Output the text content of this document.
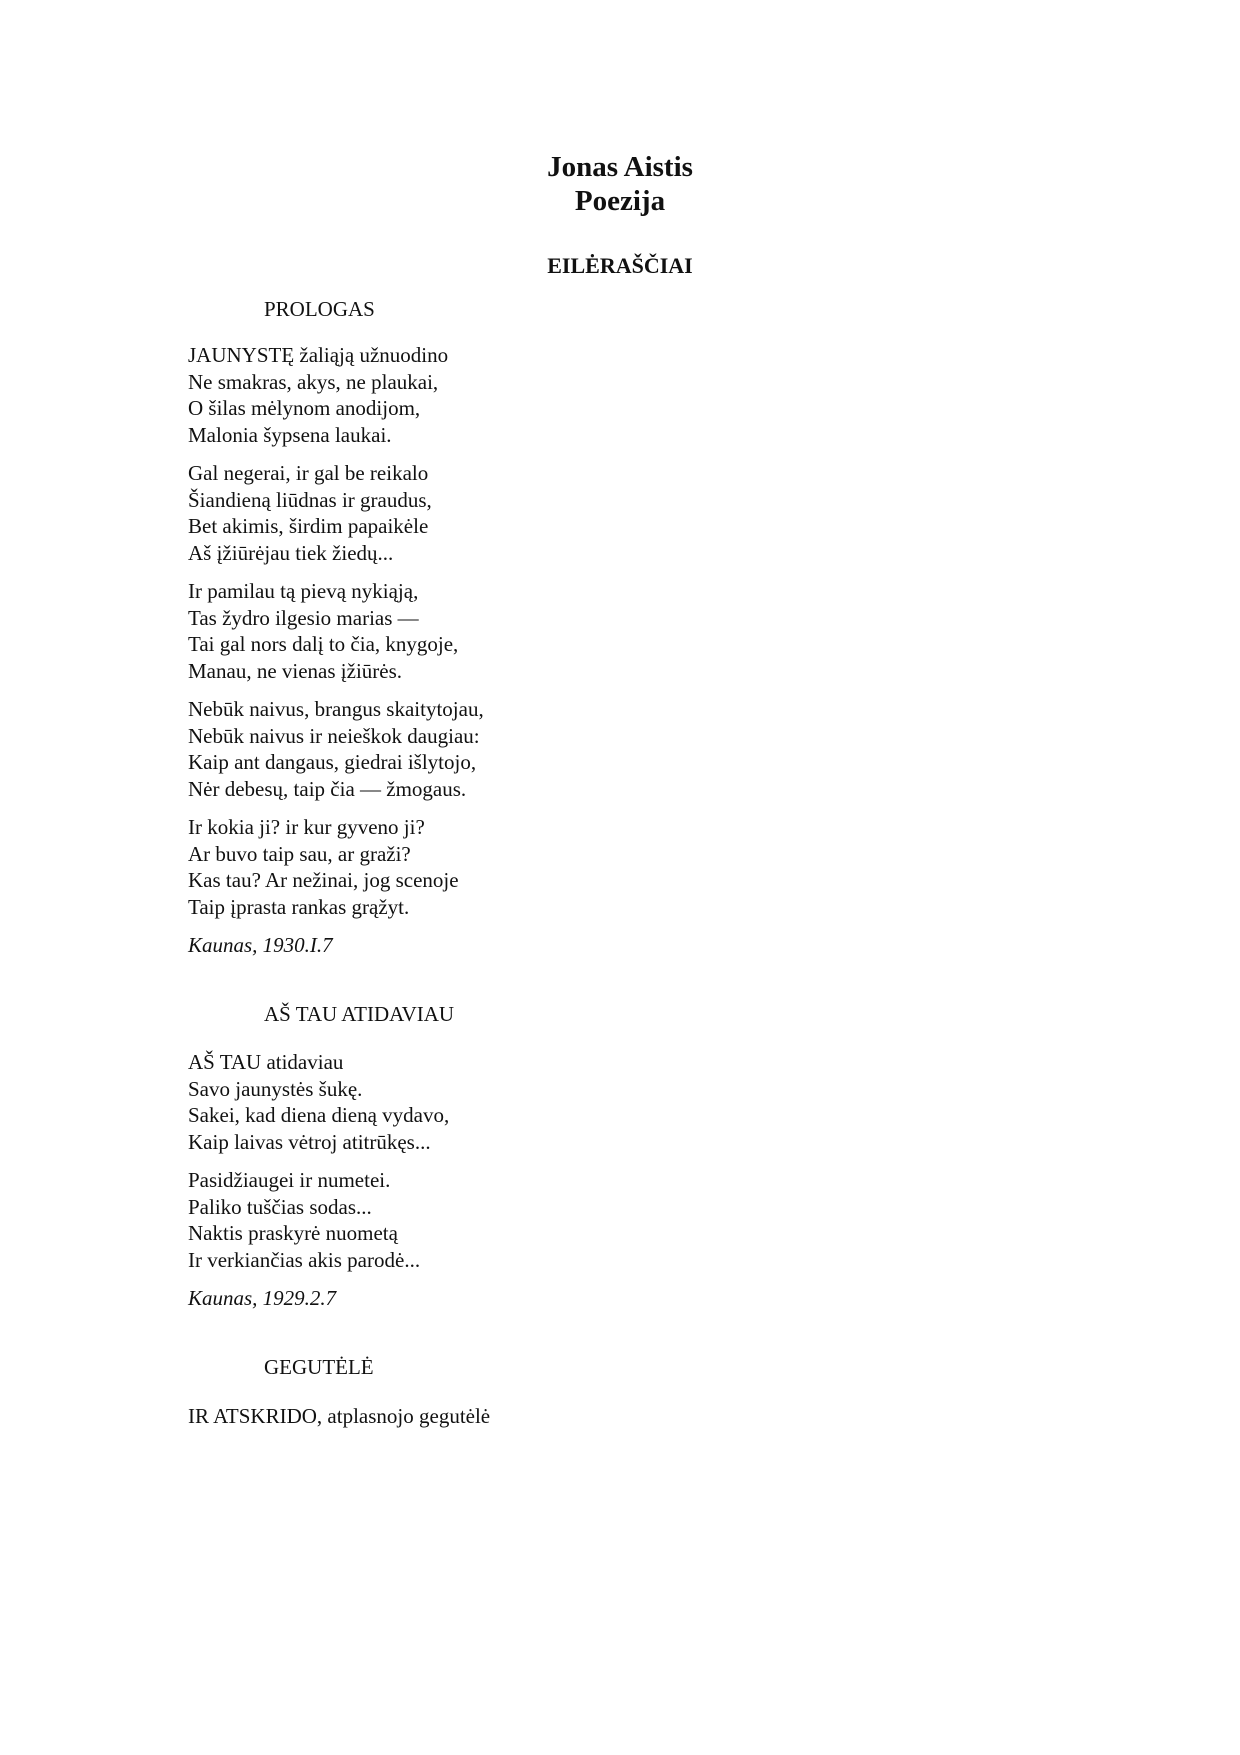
Jonas Aistis
Poezija
EILĖRAŠČIAI
PROLOGAS

JAUNYSTĘ žaliąją užnuodino
Ne smakras, akys, ne plaukai,
O šilas mėlynom anodijom,
Malonia šypsena laukai.

Gal negerai, ir gal be reikalo
Šiandieną liūdnas ir graudus,
Bet akimis, širdim papaikėle
Aš įžiūrėjau tiek žiedų...

Ir pamilau tą pievą nykiąją,
Tas žydro ilgesio marias —
Tai gal nors dalį to čia, knygoje,
Manau, ne vienas įžiūrės.

Nebūk naivus, brangus skaitytojau,
Nebūk naivus ir neieškok daugiau:
Kaip ant dangaus, giedrai išlytojo,
Nėr debesų, taip čia — žmogaus.

Ir kokia ji? ir kur gyveno ji?
Ar buvo taip sau, ar graži?
Kas tau? Ar nežinai, jog scenoje
Taip įprasta rankas grąžyt.

Kaunas, 1930.I.7

AŠ TAU ATIDAVIAU

AŠ TAU atidaviau
Savo jaunystės šukę.
Sakei, kad diena dieną vydavo,
Kaip laivas vėtroj atitrūkęs...

Pasidžiaugei ir numetei.
Paliko tuščias sodas...
Naktis praskyrė nuometą
Ir verkiančias akis parodė...

Kaunas, 1929.2.7

GEGUTĖLĖ

IR ATSKRIDO, atplasnojo gegutėlė
